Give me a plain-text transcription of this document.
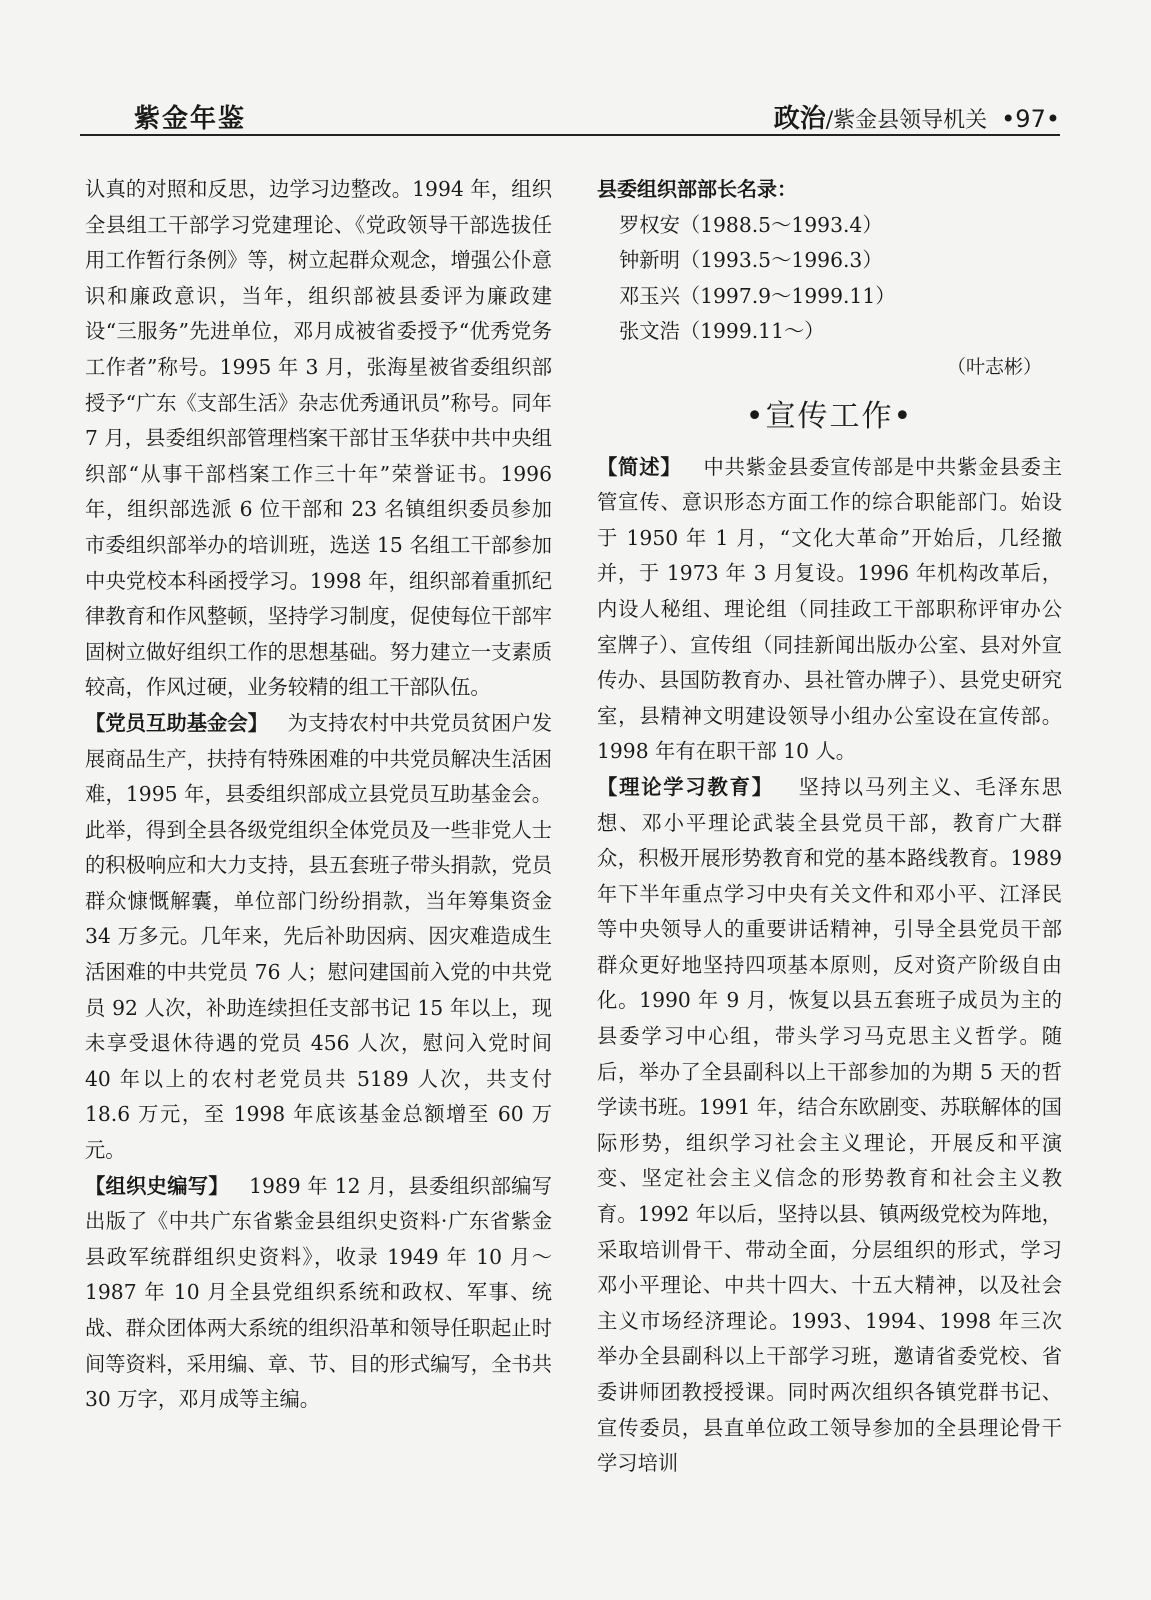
紫金年鉴	政治/紫金县领导机关 •97•

认真的对照和反思，边学习边整改。1994 年，组织全县组工干部学习党建理论、《党政领导干部选拔任用工作暂行条例》等，树立起群众观念，增强公仆意识和廉政意识，当年，组织部被县委评为廉政建设“三服务”先进单位，邓月成被省委授予“优秀党务工作者”称号。1995 年 3 月，张海星被省委组织部授予“广东《支部生活》杂志优秀通讯员”称号。同年 7 月，县委组织部管理档案干部甘玉华获中共中央组织部“从事干部档案工作三十年”荣誉证书。1996 年，组织部选派 6 位干部和 23 名镇组织委员参加市委组织部举办的培训班，选送 15 名组工干部参加中央党校本科函授学习。1998 年，组织部着重抓纪律教育和作风整顿，坚持学习制度，促使每位干部牢固树立做好组织工作的思想基础。努力建立一支素质较高，作风过硬，业务较精的组工干部队伍。

【党员互助基金会】 为支持农村中共党员贫困户发展商品生产，扶持有特殊困难的中共党员解决生活困难，1995 年，县委组织部成立县党员互助基金会。此举，得到全县各级党组织全体党员及一些非党人士的积极响应和大力支持，县五套班子带头捐款，党员群众慷慨解囊，单位部门纷纷捐款，当年筹集资金 34 万多元。几年来，先后补助因病、因灾难造成生活困难的中共党员 76 人；慰问建国前入党的中共党员 92 人次，补助连续担任支部书记 15 年以上，现未享受退休待遇的党员 456 人次，慰问入党时间 40 年以上的农村老党员共 5189 人次，共支付 18.6 万元，至 1998 年底该基金总额增至 60 万元。

【组织史编写】 1989 年 12 月，县委组织部编写出版了《中共广东省紫金县组织史资料·广东省紫金县政军统群组织史资料》，收录 1949 年 10 月～1987 年 10 月全县党组织系统和政权、军事、统战、群众团体两大系统的组织沿革和领导任职起止时间等资料，采用编、章、节、目的形式编写，全书共 30 万字，邓月成等主编。

县委组织部部长名录：

罗权安（1988.5～1993.4）

钟新明（1993.5～1996.3）

邓玉兴（1997.9～1999.11）

张文浩（1999.11～）

（叶志彬）

•宣传工作•

【简述】 中共紫金县委宣传部是中共紫金县委主管宣传、意识形态方面工作的综合职能部门。始设于 1950 年 1 月，“文化大革命”开始后，几经撤并，于 1973 年 3 月复设。1996 年机构改革后，内设人秘组、理论组（同挂政工干部职称评审办公室牌子）、宣传组（同挂新闻出版办公室、县对外宣传办、县国防教育办、县社管办牌子）、县党史研究室，县精神文明建设领导小组办公室设在宣传部。1998 年有在职干部 10 人。

【理论学习教育】 坚持以马列主义、毛泽东思想、邓小平理论武装全县党员干部，教育广大群众，积极开展形势教育和党的基本路线教育。1989 年下半年重点学习中央有关文件和邓小平、江泽民等中央领导人的重要讲话精神，引导全县党员干部群众更好地坚持四项基本原则，反对资产阶级自由化。1990 年 9 月，恢复以县五套班子成员为主的县委学习中心组，带头学习马克思主义哲学。随后，举办了全县副科以上干部参加的为期 5 天的哲学读书班。1991 年，结合东欧剧变、苏联解体的国际形势，组织学习社会主义理论，开展反和平演变、坚定社会主义信念的形势教育和社会主义教育。1992 年以后，坚持以县、镇两级党校为阵地，采取培训骨干、带动全面，分层组织的形式，学习邓小平理论、中共十四大、十五大精神，以及社会主义市场经济理论。1993、1994、1998 年三次举办全县副科以上干部学习班，邀请省委党校、省委讲师团教授授课。同时两次组织各镇党群书记、宣传委员，县直单位政工领导参加的全县理论骨干学习培训
